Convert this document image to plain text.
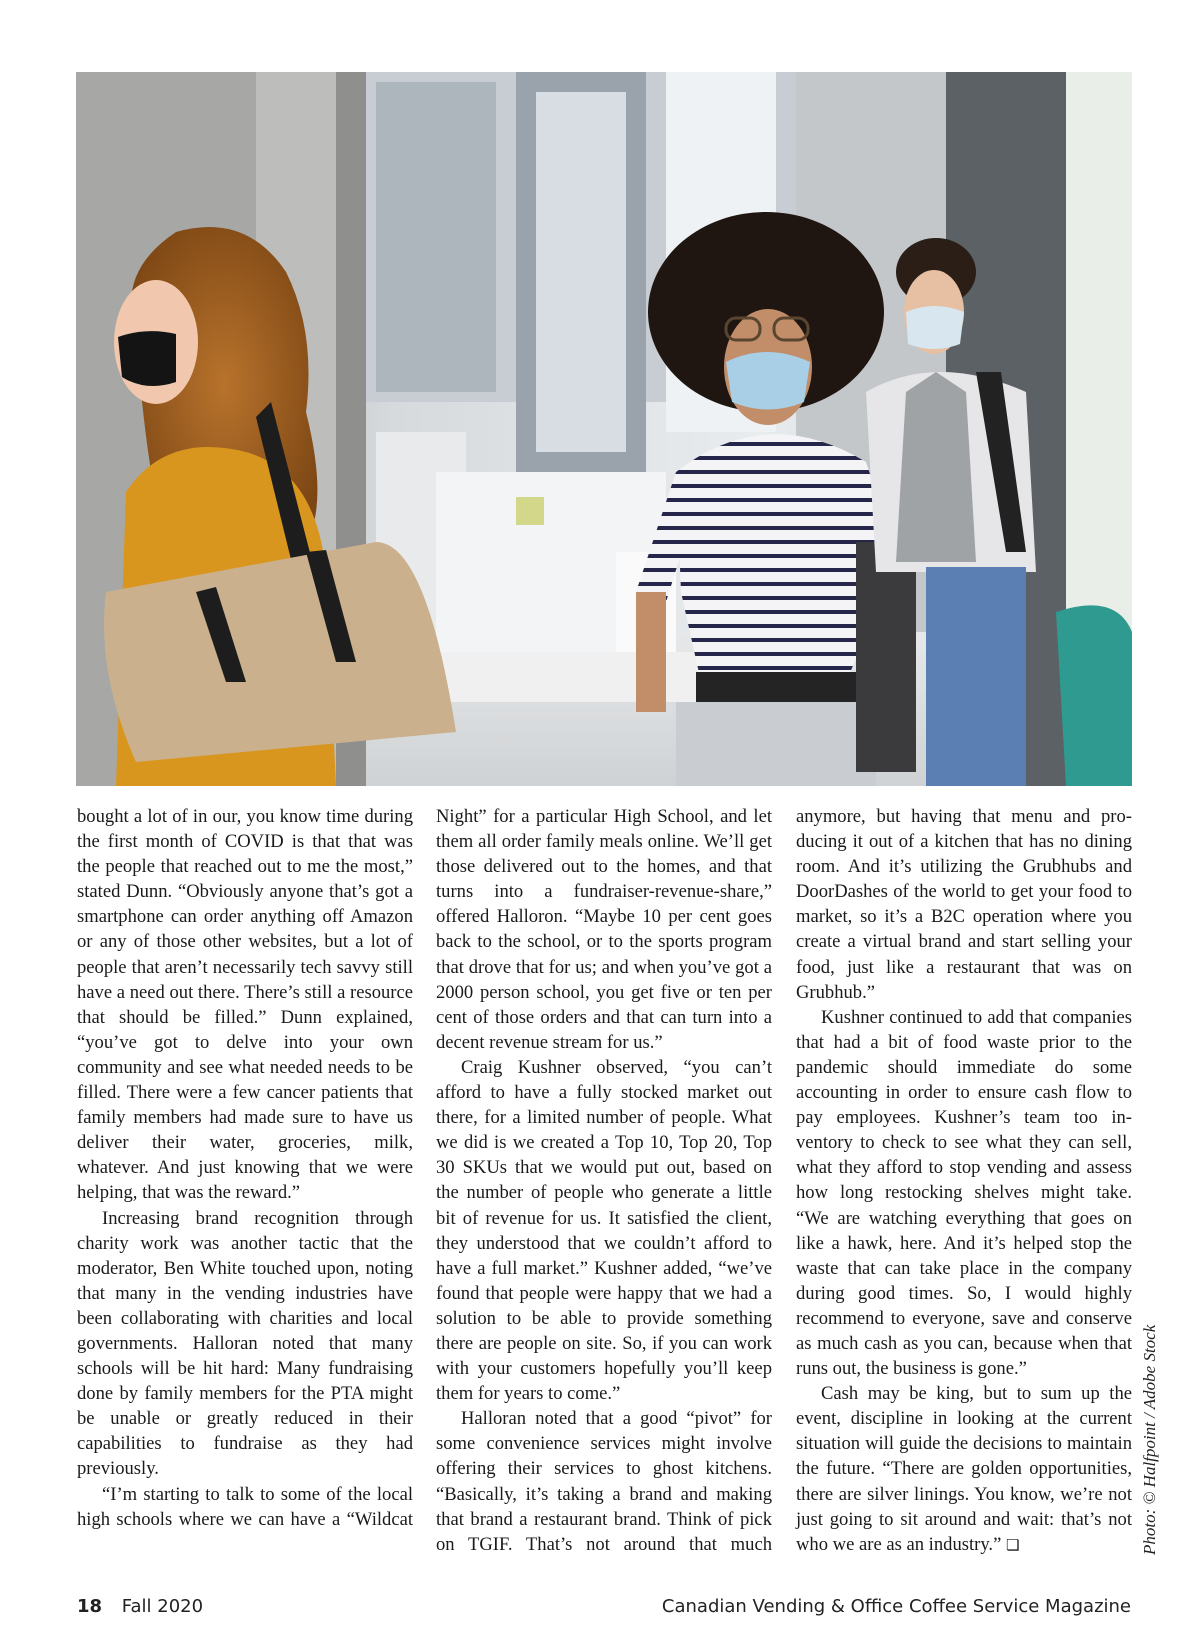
Photo: © Halfpoint / Adobe Stock

bought a lot of in our, you know time during the first month of COVID is that that was the people that reached out to me the most,” stated Dunn. “Obviously anyone that’s got a smartphone can order anything off Amazon or any of those other websites, but a lot of people that aren’t necessarily tech savvy still have a need out there. There’s still a resource that should be filled.” Dunn explained, “you’ve got to delve into your own community and see what needed needs to be filled. There were a few cancer patients that family members had made sure to have us deliver their water, groceries, milk, whatever. And just knowing that we were helping, that was the reward.”

Increasing brand recognition through charity work was another tactic that the moderator, Ben White touched upon, noting that many in the vending industries have been collaborating with charities and local governments. Halloran noted that many schools will be hit hard: Many fundraising done by family members for the PTA might be unable or greatly reduced in their capabilities to fundraise as they had previously.

“I’m starting to talk to some of the local high schools where we can have a “Wildcat

Night” for a particular High School, and let them all order family meals online. We’ll get those delivered out to the homes, and that turns into a fundraiser-revenue-share,” offered Halloron. “Maybe 10 per cent goes back to the school, or to the sports program that drove that for us; and when you’ve got a 2000 person school, you get five or ten per cent of those orders and that can turn into a decent revenue stream for us.”

Craig Kushner observed, “you can’t afford to have a fully stocked market out there, for a limited number of people. What we did is we created a Top 10, Top 20, Top 30 SKUs that we would put out, based on the number of people who generate a little bit of revenue for us. It satisfied the client, they understood that we couldn’t afford to have a full market.” Kushner added, “we’ve found that people were happy that we had a solution to be able to provide something there are people on site. So, if you can work with your customers hopefully you’ll keep them for years to come.”

Halloran noted that a good “pivot” for some convenience services might involve offering their services to ghost kitchens. “Basically, it’s taking a brand and making that brand a restaurant brand. Think of pick on TGIF. That’s not around that much

anymore, but having that menu and producing it out of a kitchen that has no dining room. And it’s utilizing the Grubhubs and DoorDashes of the world to get your food to market, so it’s a B2C operation where you create a virtual brand and start selling your food, just like a restaurant that was on Grubhub.”

Kushner continued to add that companies that had a bit of food waste prior to the pandemic should immediate do some accounting in order to ensure cash flow to pay employees. Kushner’s team too inventory to check to see what they can sell, what they afford to stop vending and assess how long restocking shelves might take. “We are watching everything that goes on like a hawk, here. And it’s helped stop the waste that can take place in the company during good times. So, I would highly recommend to everyone, save and conserve as much cash as you can, because when that runs out, the business is gone.”

Cash may be king, but to sum up the event, discipline in looking at the current situation will guide the decisions to maintain the future. “There are golden opportunities, there are silver linings. You know, we’re not just going to sit around and wait: that’s not who we are as an industry.” ❏

18 Fall 2020	Canadian Vending & Office Coffee Service Magazine
